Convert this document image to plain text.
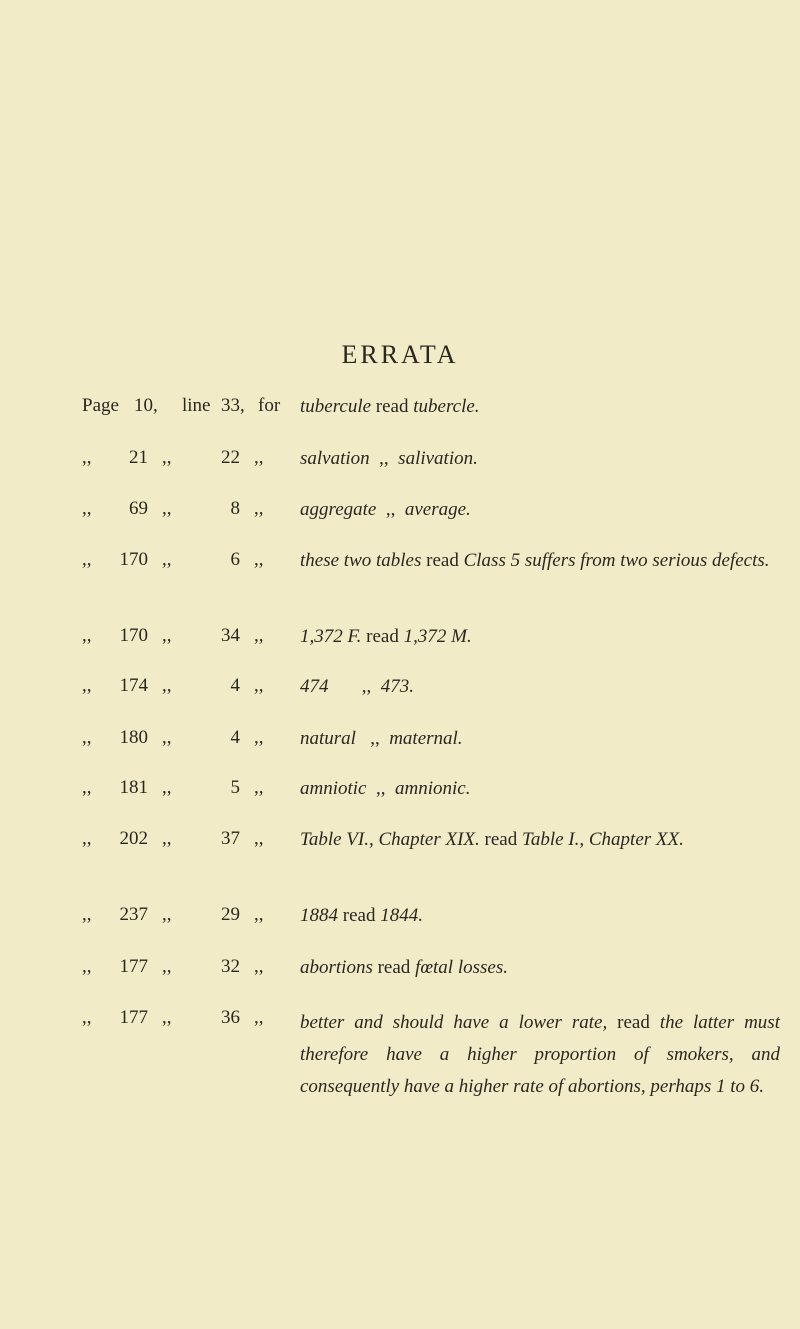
ERRATA
Page 10, line 33, for tubercule read tubercle.
,,	21 ,,	22 ,, salvation ,, salivation.
,,	69 ,,	8 ,, aggregate ,, average.
,,	170 ,,	6 ,, these two tables read Class 5 suffers from two serious defects.
,,	170 ,,	34 ,, 1,372 F. read 1,372 M.
,,	174 ,,	4 ,, 474 ,, 473.
,,	180 ,,	4 ,, natural ,, maternal.
,,	181 ,,	5 ,, amniotic ,, amnionic.
,,	202 ,,	37 ,, Table VI., Chapter XIX. read Table I., Chapter XX.
,,	237 ,,	29 ,, 1884 read 1844.
,,	177 ,,	32 ,, abortions read fœtal losses.
,,	177 ,,	36 ,, better and should have a lower rate, read the latter must therefore have a higher proportion of smokers, and consequently have a higher rate of abortions, perhaps 1 to 6.
